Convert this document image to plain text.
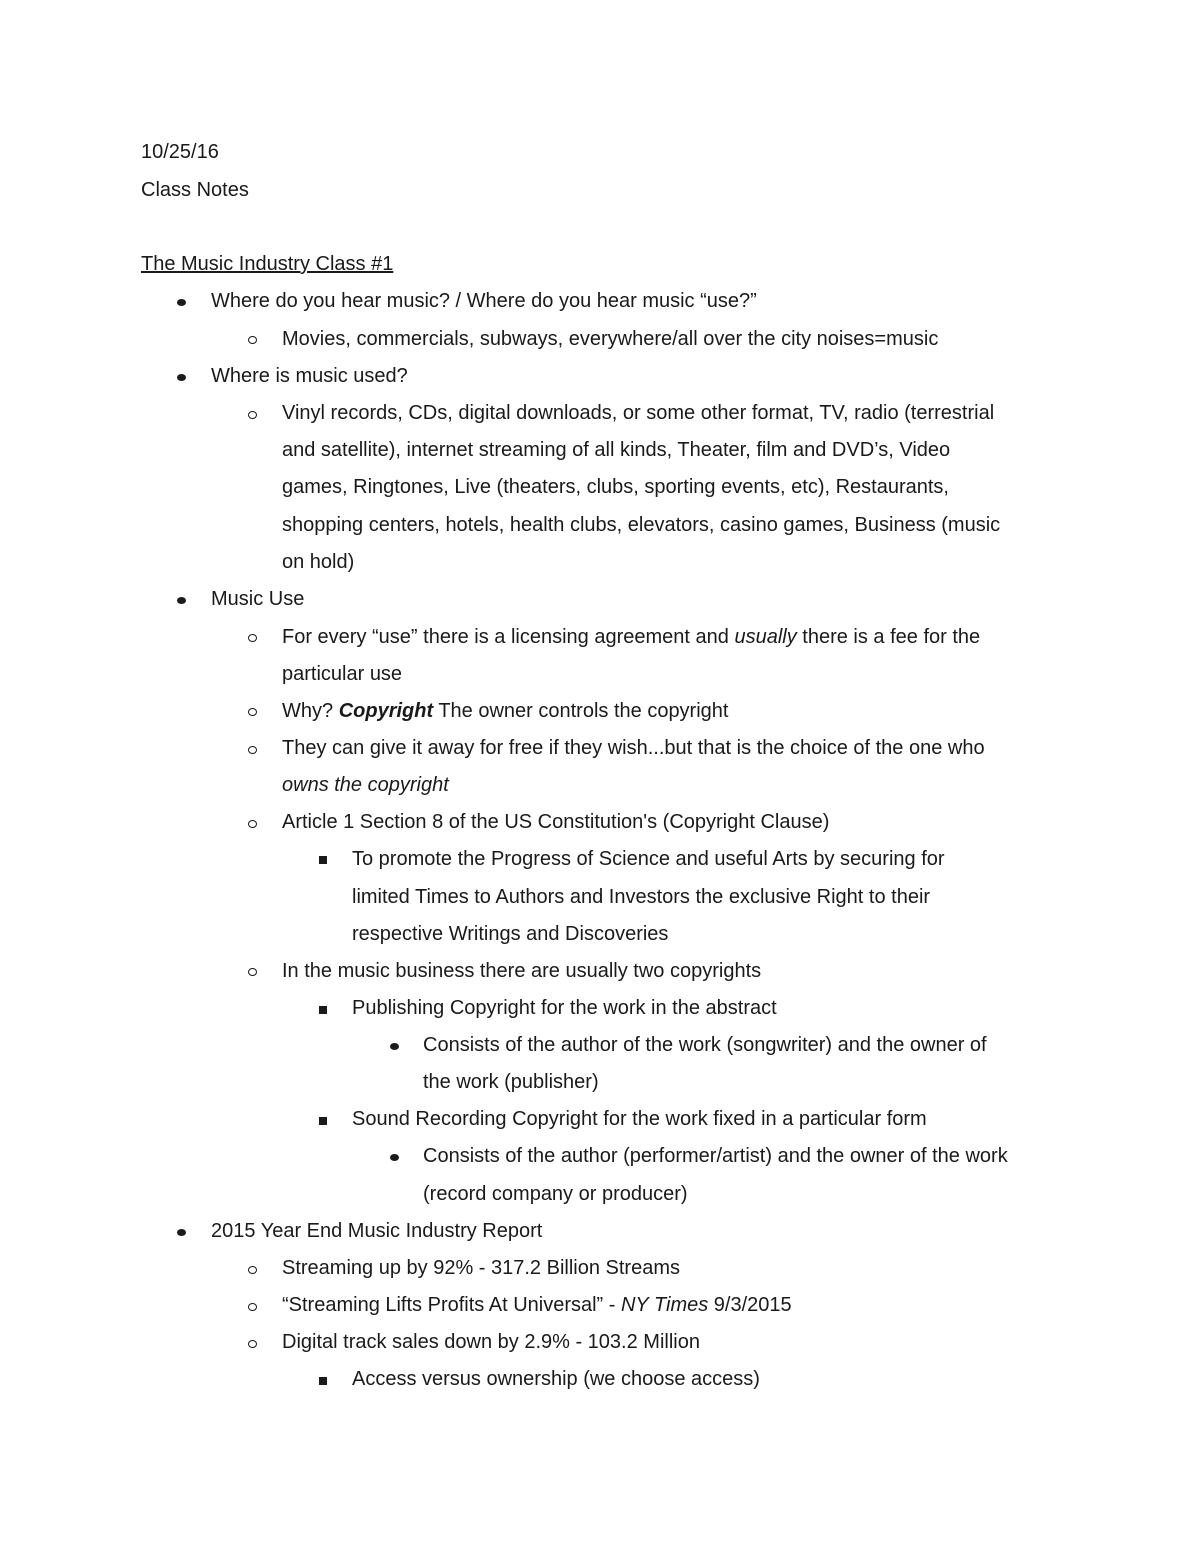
10/25/16
Class Notes
The Music Industry Class #1
Where do you hear music? / Where do you hear music “use?”
Movies, commercials, subways, everywhere/all over the city noises=music
Where is music used?
Vinyl records, CDs, digital downloads, or some other format, TV, radio (terrestrial
and satellite), internet streaming of all kinds, Theater, film and DVD’s, Video
games, Ringtones, Live (theaters, clubs, sporting events, etc), Restaurants,
shopping centers, hotels, health clubs, elevators, casino games, Business (music
on hold)
Music Use
For every “use” there is a licensing agreement and usually there is a fee for the
particular use
Why? Copyright The owner controls the copyright
They can give it away for free if they wish...but that is the choice of the one who
owns the copyright
Article 1 Section 8 of the US Constitution's (Copyright Clause)
To promote the Progress of Science and useful Arts by securing for
limited Times to Authors and Investors the exclusive Right to their
respective Writings and Discoveries
In the music business there are usually two copyrights
Publishing Copyright for the work in the abstract
Consists of the author of the work (songwriter) and the owner of
the work (publisher)
Sound Recording Copyright for the work fixed in a particular form
Consists of the author (performer/artist) and the owner of the work
(record company or producer)
2015 Year End Music Industry Report
Streaming up by 92% - 317.2 Billion Streams
“Streaming Lifts Profits At Universal” - NY Times 9/3/2015
Digital track sales down by 2.9% - 103.2 Million
Access versus ownership (we choose access)
